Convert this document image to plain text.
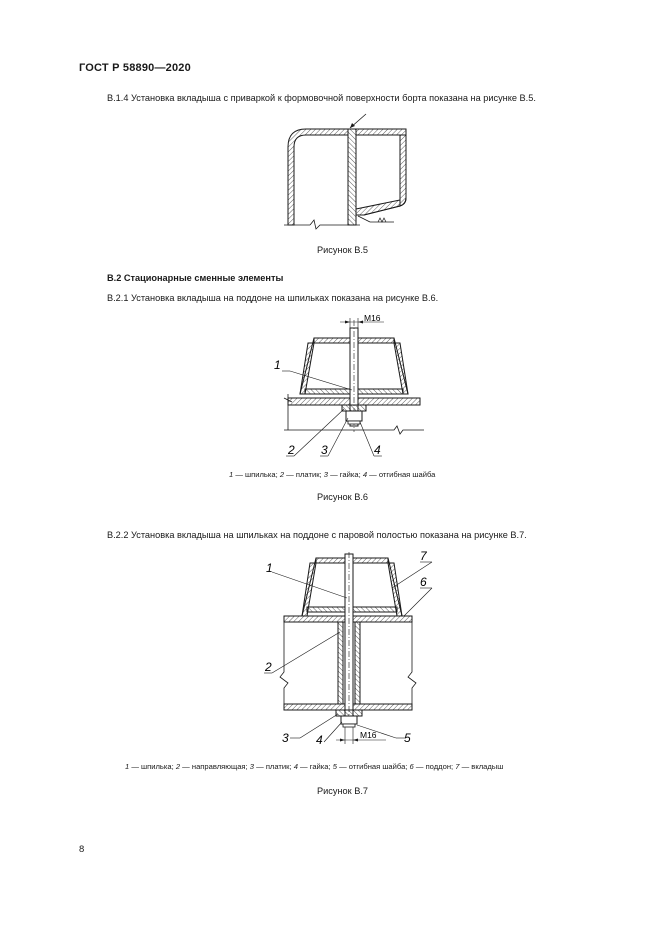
ГОСТ Р 58890—2020
В.1.4 Установка вкладыша с приваркой к формовочной поверхности борта показана на рисунке В.5.
Рисунок В.5
В.2 Стационарные сменные элементы
В.2.1 Установка вкладыша на поддоне на шпильках показана на рисунке В.6.
М16
1
2 3	4
1 — шпилька; 2 — платик; 3 — гайка; 4 — отгибная шайба
Рисунок В.6
В.2.2 Установка вкладыша на шпильках на поддоне с паровой полостью показана на рисунке В.7.
М16
1
2
3 4	5
6
7
1 — шпилька; 2 — направляющая; 3 — платик; 4 — гайка; 5 — отгибная шайба; 6 — поддон; 7 — вкладыш
Рисунок В.7
8
